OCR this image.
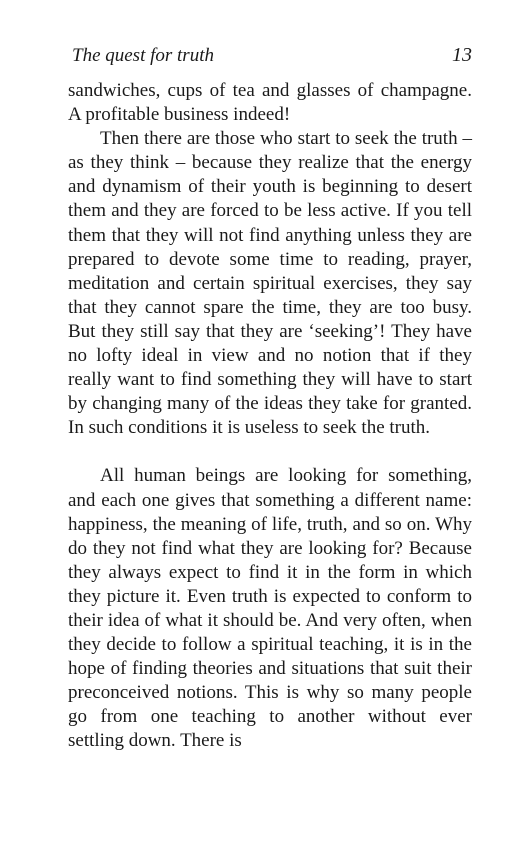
The quest for truth	13

sandwiches, cups of tea and glasses of champagne. A profitable business indeed!

Then there are those who start to seek the truth – as they think – because they realize that the energy and dynamism of their youth is beginning to desert them and they are forced to be less active. If you tell them that they will not find anything unless they are prepared to devote some time to reading, prayer, meditation and certain spiritual exercises, they say that they cannot spare the time, they are too busy. But they still say that they are ‘seeking’! They have no lofty ideal in view and no notion that if they really want to find something they will have to start by changing many of the ideas they take for granted. In such conditions it is useless to seek the truth.

All human beings are looking for something, and each one gives that something a different name: happiness, the meaning of life, truth, and so on. Why do they not find what they are looking for? Because they always expect to find it in the form in which they picture it. Even truth is expected to conform to their idea of what it should be. And very often, when they decide to follow a spiritual teaching, it is in the hope of finding theories and situations that suit their preconceived notions. This is why so many people go from one teaching to another without ever settling down. There is
